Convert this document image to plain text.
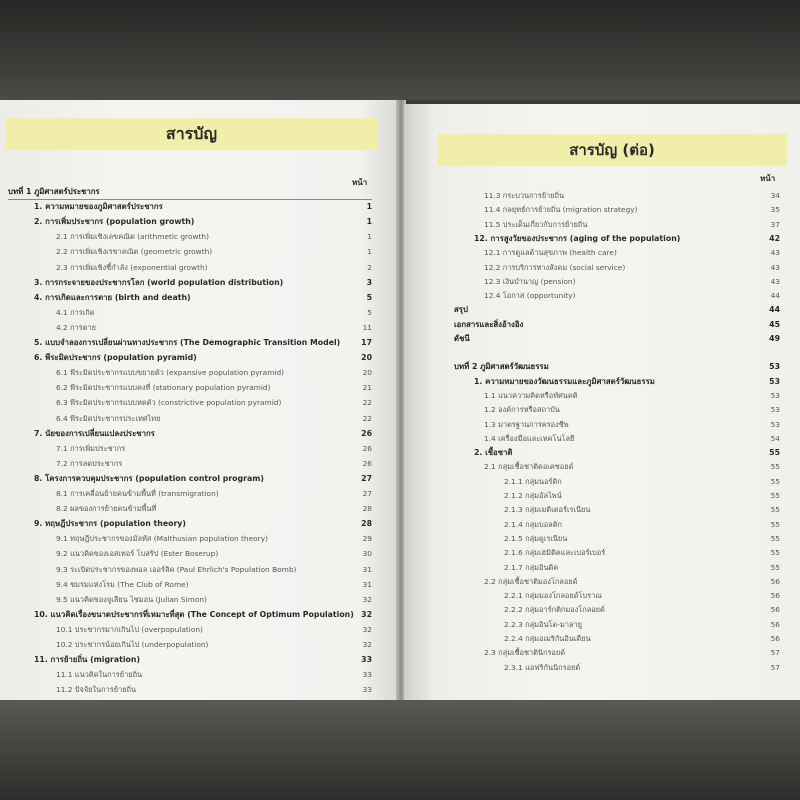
สารบัญ
หน้า
บทที่ 1 ภูมิศาสตร์ประชากร
1. ความหมายของภูมิศาสตร์ประชากร	1
2. การเพิ่มประชากร (population growth)	1
2.1 การเพิ่มเชิงเลขคณิต (arithmetic growth)	1
2.2 การเพิ่มเชิงเรขาคณิต (geometric growth)	1
2.3 การเพิ่มเชิงชี้กำลัง (exponential growth)	2
3. การกระจายของประชากรโลก (world population distribution)	3
4. การเกิดและการตาย (birth and death)	5
4.1 การเกิด	5
4.2 การตาย	11
5. แบบจำลองการเปลี่ยนผ่านทางประชากร (The Demographic Transition Model)	17
6. พีระมิดประชากร (population pyramid)	20
6.1 พีระมิดประชากรแบบขยายตัว (expansive population pyramid)	20
6.2 พีระมิดประชากรแบบคงที่ (stationary population pyramid)	21
6.3 พีระมิดประชากรแบบหดตัว (constrictive population pyramid)	22
6.4 พีระมิดประชากรประเทศไทย	22
7. นัยของการเปลี่ยนแปลงประชากร	26
7.1 การเพิ่มประชากร	26
7.2 การลดประชากร	26
8. โครงการควบคุมประชากร (population control program)	27
8.1 การเคลื่อนย้ายคนข้ามพื้นที่ (transmigration)	27
8.2 ผลของการย้ายคนข้ามพื้นที่	28
9. ทฤษฎีประชากร (population theory)	28
9.1 ทฤษฎีประชากรของมัลทัส (Malthusian population theory)	29
9.2 แนวคิดของเอสเทอร์ โบสรัป (Ester Boserup)	30
9.3 ระเบิดประชากรของพอล เออร์ลิค (Paul Ehrlich's Population Bomb)	31
9.4 ชมรมแห่งโรม (The Club of Rome)	31
9.5 แนวคิดของจูเลียน ไซมอน (Julian Simon)	32
10. แนวคิดเรื่องขนาดประชากรที่เหมาะที่สุด (The Concept of Optimum Population) 32
10.1 ประชากรมากเกินไป (overpopulation)	32
10.2 ประชากรน้อยเกินไป (underpopulation)	32
11. การย้ายถิ่น (migration)	33
11.1 แนวคิดในการย้ายถิ่น	33
11.2 ปัจจัยในการย้ายถิ่น	33
สารบัญ (ต่อ)
หน้า
11.3 กระบวนการย้ายถิ่น	34
11.4 กลยุทธ์การย้ายถิ่น (migration strategy)	35
11.5 ประเด็นเกี่ยวกับการย้ายถิ่น	37
12. การสูงวัยของประชากร (aging of the population)	42
12.1 การดูแลด้านสุขภาพ (health care)	43
12.2 การบริการทางสังคม (social service)	43
12.3 เงินบำนาญ (pension)	43
12.4 โอกาส (opportunity)	44
สรุป	44
เอกสารและสิ่งอ้างอิง	45
ดัชนี	49
บทที่ 2 ภูมิศาสตร์วัฒนธรรม	53
1. ความหมายของวัฒนธรรมและภูมิศาสตร์วัฒนธรรม	53
1.1 แนวความคิดหรือทัศนคติ	53
1.2 องค์การหรือสถาบัน	53
1.3 มาตรฐานการครองชีพ	53
1.4 เครื่องมือและเทคโนโลยี	54
2. เชื้อชาติ	55
2.1 กลุ่มเชื้อชาติคอเคซอยด์	55
2.1.1 กลุ่มนอร์ดิก	55
2.1.2 กลุ่มอัลไพน์	55
2.1.3 กลุ่มเมดิเตอร์เรเนียน	55
2.1.4 กลุ่มบอลติก	55
2.1.5 กลุ่มดูเรเนียน	55
2.1.6 กลุ่มเฮมิติคและเบอร์เบอร์	55
2.1.7 กลุ่มอินดิค	55
2.2 กลุ่มเชื้อชาติมองโกลอยด์	56
2.2.1 กลุ่มมองโกลอยด์โบราณ	56
2.2.2 กลุ่มอาร์กติกมองโกลอยด์	56
2.2.3 กลุ่มอินโด-มาลายู	56
2.2.4 กลุ่มอเมริกันอินเดียน	56
2.3 กลุ่มเชื้อชาตินิกรอยด์	57
2.3.1 แอฟริกันนิกรอยด์	57
